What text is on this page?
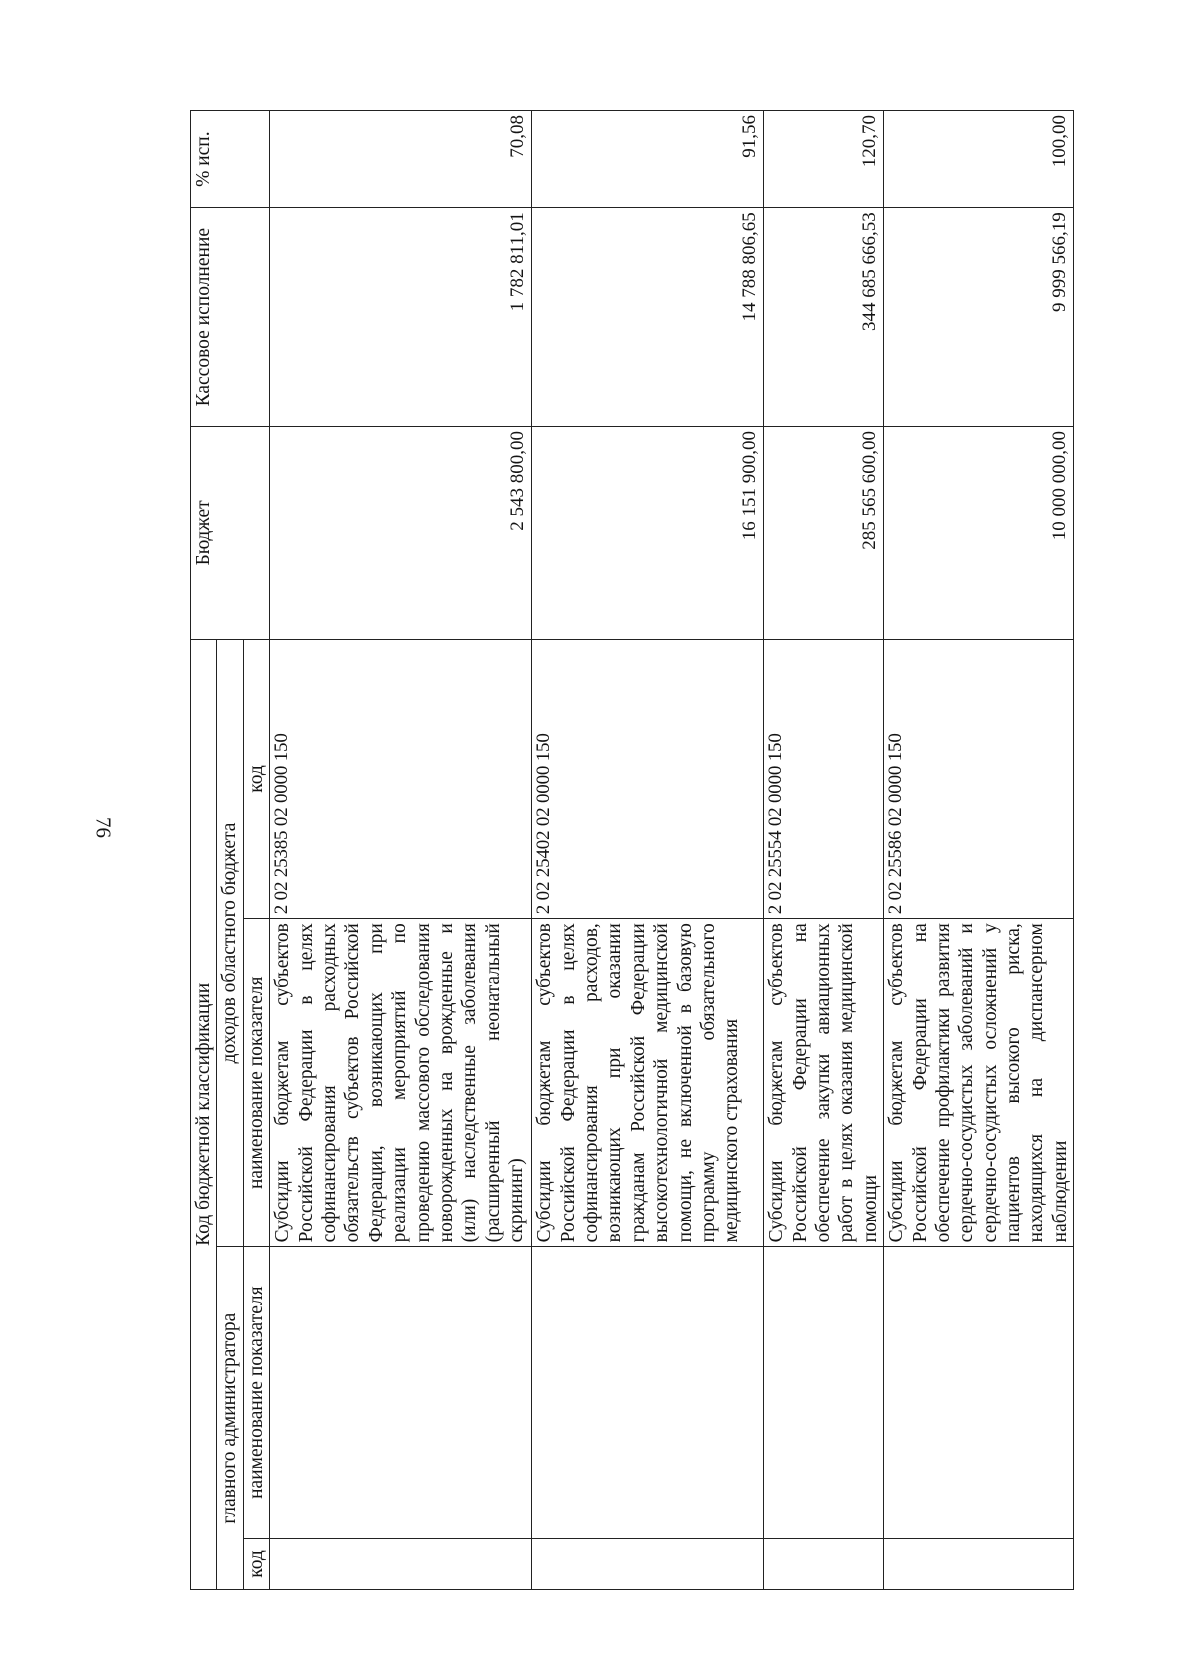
76
Код бюджетной классификации				Бюджет	Кассовое исполнение	% исп.
главного администратора		доходов областного бюджета				
код	наименование показателя	наименование показателя	код			
		Субсидии бюджетам субъектов Российской Федерации в целях софинансирования расходных обязательств субъектов Российской Федерации, возникающих при реализации мероприятий по проведению массового обследования новорожденных на врожденные и (или) наследственные заболевания (расширенный неонатальный скрининг)	2 02 25385 02 0000 150	2 543 800,00	1 782 811,01	70,08
		Субсидии бюджетам субъектов Российской Федерации в целях софинансирования расходов, возникающих при оказании гражданам Российской Федерации высокотехнологичной медицинской помощи, не включенной в базовую программу обязательного медицинского страхования	2 02 25402 02 0000 150	16 151 900,00	14 788 806,65	91,56
		Субсидии бюджетам субъектов Российской Федерации на обеспечение закупки авиационных работ в целях оказания медицинской помощи	2 02 25554 02 0000 150	285 565 600,00	344 685 666,53	120,70
		Субсидии бюджетам субъектов Российской Федерации на обеспечение профилактики развития сердечно-сосудистых заболеваний и сердечно-сосудистых осложнений у пациентов высокого риска, находящихся на диспансерном наблюдении	2 02 25586 02 0000 150	10 000 000,00	9 999 566,19	100,00
